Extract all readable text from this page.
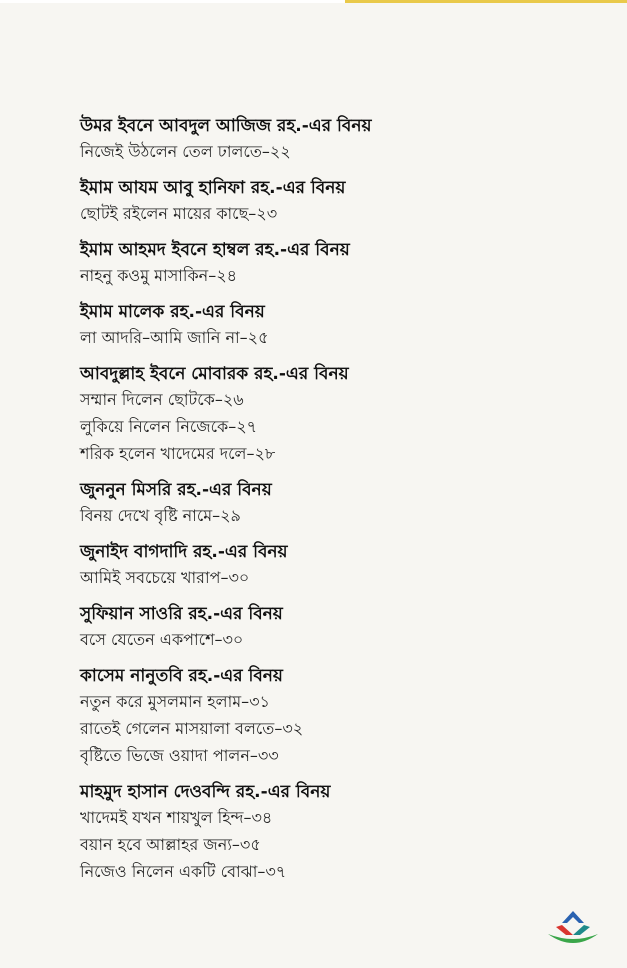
উমর ইবনে আবদুল আজিজ রহ.-এর বিনয়
নিজেই উঠলেন তেল ঢালতে–২২
ইমাম আযম আবু হানিফা রহ.-এর বিনয়
ছোটই রইলেন মায়ের কাছে–২৩
ইমাম আহমদ ইবনে হাম্বল রহ.-এর বিনয়
নাহনু কওমু মাসাকিন–২৪
ইমাম মালেক রহ.-এর বিনয়
লা আদরি–আমি জানি না–২৫
আবদুল্লাহ ইবনে মোবারক রহ.-এর বিনয়
সম্মান দিলেন ছোটকে–২৬
লুকিয়ে নিলেন নিজেকে–২৭
শরিক হলেন খাদেমের দলে–২৮
জুননুন মিসরি রহ.-এর বিনয়
বিনয় দেখে বৃষ্টি নামে–২৯
জুনাইদ বাগদাদি রহ.-এর বিনয়
আমিই সবচেয়ে খারাপ–৩০
সুফিয়ান সাওরি রহ.-এর বিনয়
বসে যেতেন একপাশে–৩০
কাসেম নানুতবি রহ.-এর বিনয়
নতুন করে মুসলমান হলাম–৩১
রাতেই গেলেন মাসয়ালা বলতে–৩২
বৃষ্টিতে ভিজে ওয়াদা পালন–৩৩
মাহমুদ হাসান দেওবন্দি রহ.-এর বিনয়
খাদেমই যখন শায়খুল হিন্দ–৩৪
বয়ান হবে আল্লাহর জন্য–৩৫
নিজেও নিলেন একটি বোঝা–৩৭
